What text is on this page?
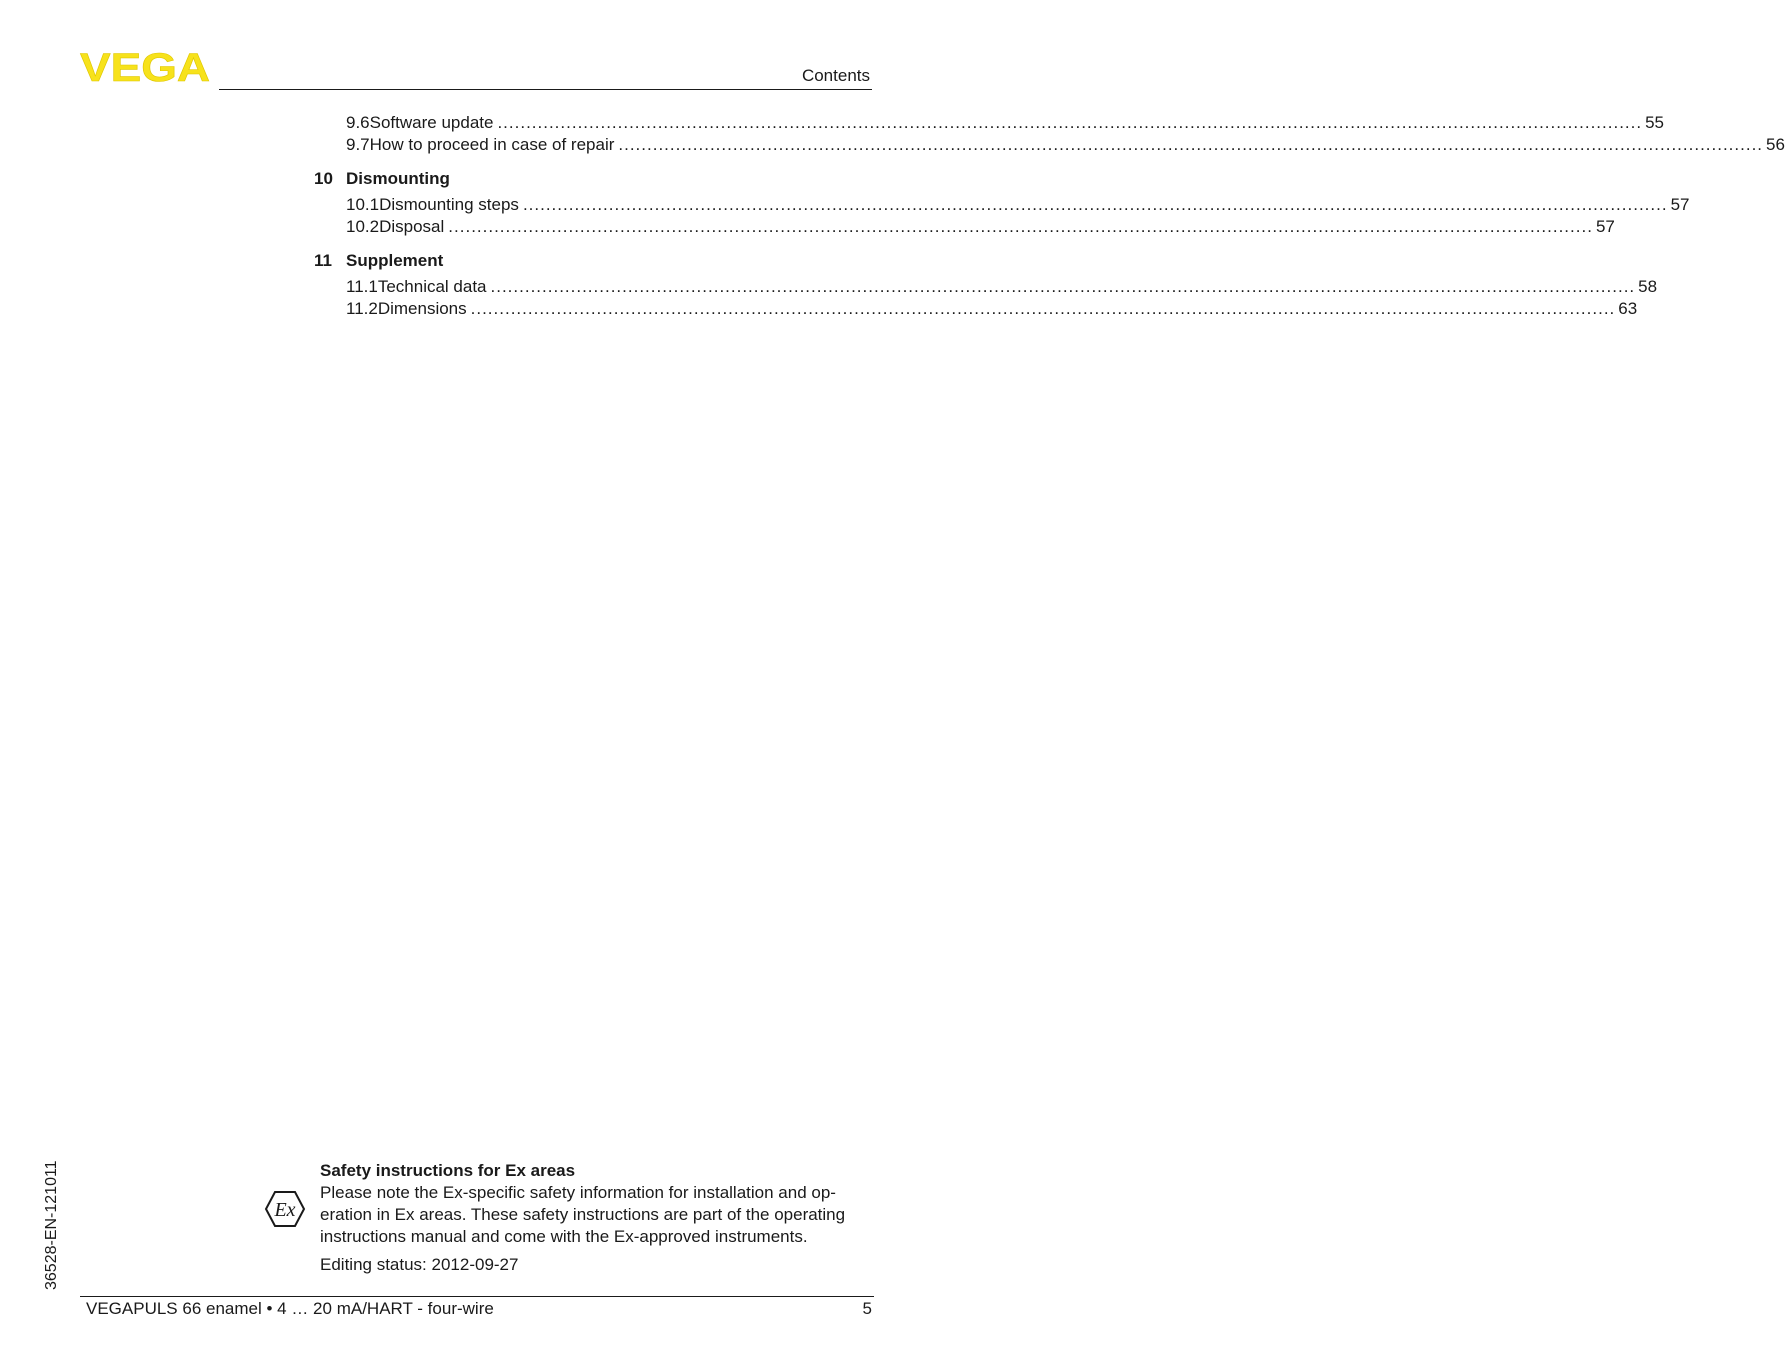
VEGA	Contents
9.6 Software update ........................................................................................................................................................................................................ 55
9.7 How to proceed in case of repair ........................................................................................................................................................................................................ 56
10 Dismounting
10.1 Dismounting steps ........................................................................................................................................................................................................ 57
10.2 Disposal ........................................................................................................................................................................................................ 57
11 Supplement
11.1 Technical data ........................................................................................................................................................................................................ 58
11.2 Dimensions ........................................................................................................................................................................................................ 63
36528-EN-121011	Ex
Safety instructions for Ex areas
Please note the Ex-specific safety information for installation and op-
eration in Ex areas. These safety instructions are part of the operating
instructions manual and come with the Ex-approved instruments.
Editing status: 2012-09-27
VEGAPULS 66 enamel • 4 … 20 mA/HART - four-wire	5
